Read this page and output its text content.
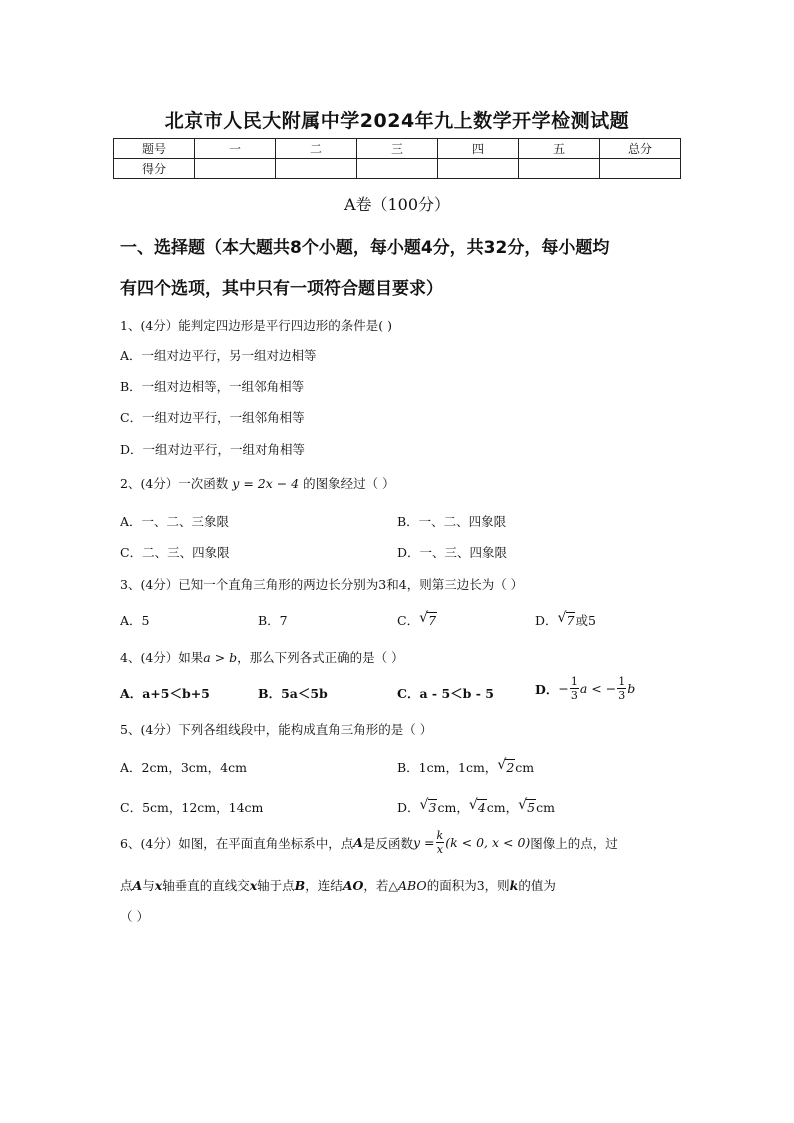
北京市人民大附属中学2024年九上数学开学检测试题
题号	一	二	三	四	五	总分
得分						
A卷（100分）
一、选择题（本大题共8个小题，每小题4分，共32分，每小题均
有四个选项，其中只有一项符合题目要求）
1、(4分）能判定四边形是平行四边形的条件是( )
A．一组对边平行，另一组对边相等
B．一组对边相等，一组邻角相等
C．一组对边平行，一组邻角相等
D．一组对边平行，一组对角相等
2、(4分）一次函数 y = 2x − 4 的图象经过（ ）
A．一、二、三象限	B．一、二、四象限
C．二、三、四象限	D．一、三、四象限
3、(4分）已知一个直角三角形的两边长分别为3和4，则第三边长为（ ）
A．5	B．7	C． √ 7	D． √ 7或5
4、(4分）如果a > b，那么下列各式正确的是（ ）
A．a+5＜b+5	B．5a＜5b	C．a - 5＜b - 5	D． − $\frac{1}{3}$ a < − $\frac{1}{3}$ b
5、(4分）下列各组线段中，能构成直角三角形的是（ ）
A．2cm，3cm，4cm	B．1cm，1cm， √ 2cm
C．5cm，12cm，14cm	D． √ 3cm， √ 4cm， √ 5cm
6、(4分）如图，在平面直角坐标系中，点 A 是反函数 $y = \frac{k}{x} (k < 0$, x < 0) 图像上的点，过
点A与x轴垂直的直线交x轴于点B，连结AO，若△ABO的面积为3，则k的值为
（ ）
